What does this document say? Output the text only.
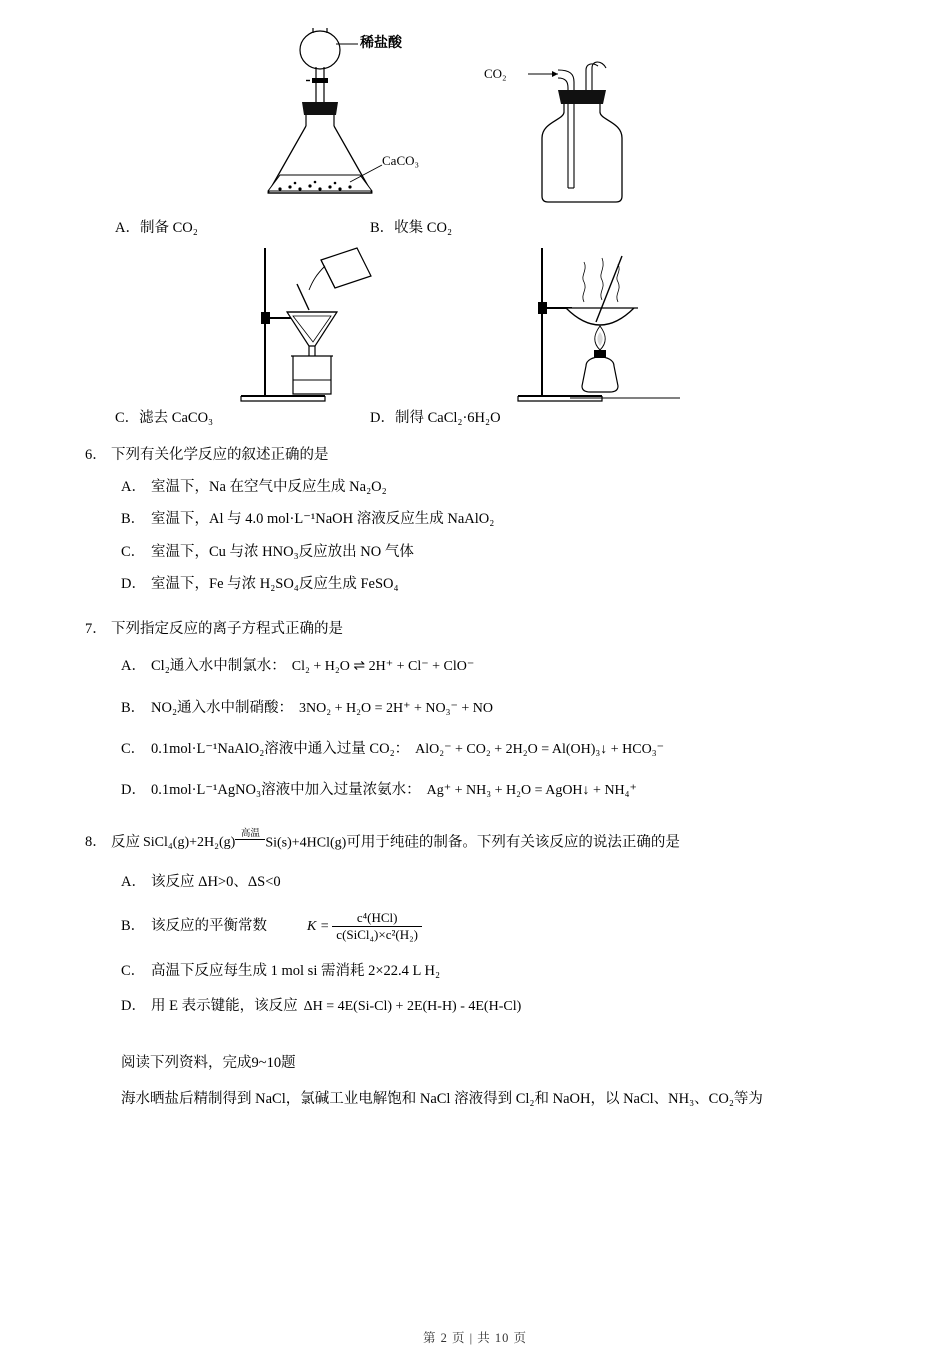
稀盐酸
CaCO₃
A．制备 CO₂
CO₂
B．收集 CO₂
C．滤去 CaCO₃	D．制得 CaCl₂·6H₂O
6． 下列有关化学反应的叙述正确的是
A． 室温下，Na 在空气中反应生成 Na₂O₂
B． 室温下，Al 与 4.0 mol·L⁻¹NaOH 溶液反应生成 NaAlO₂
C． 室温下，Cu 与浓 HNO₃反应放出 NO 气体
D． 室温下，Fe 与浓 H₂SO₄反应生成 FeSO₄
7． 下列指定反应的离子方程式正确的是
A． Cl₂通入水中制氯水： Cl₂ + H₂O ⇌ 2H⁺ + Cl⁻ + ClO⁻
B． NO₂通入水中制硝酸： 3NO₂ + H₂O = 2H⁺ + NO₃⁻ + NO
C． 0.1mol·L⁻¹NaAlO₂溶液中通入过量 CO₂： AlO₂⁻ + CO₂ + 2H₂O = Al(OH)₃↓ + HCO₃⁻
D． 0.1mol·L⁻¹AgNO₃溶液中加入过量浓氨水： Ag⁺ + NH₃ + H₂O = AgOH↓ + NH₄⁺
8． 反应 SiCl₄(g)+2H₂(g)
高温

Si(s)+4HCl(g)可用于纯硅的制备。下列有关该反应的说法正确的是
A． 该反应 ΔH>0、ΔS<0
B． 该反应的平衡常数	$K = \frac{\text{c⁴(HCl)}}{\text{c(SiCl₄)×c²(H₂)}}$
C． 高温下反应每生成 1 mol si 需消耗 2×22.4 L H₂
D． 用 E 表示键能，该反应 ΔH = 4E(Si‑Cl) + 2E(H‑H) ‑ 4E(H‑Cl)

阅读下列资料，完成9~10题

海水晒盐后精制得到 NaCl，氯碱工业电解饱和 NaCl 溶液得到 Cl₂和 NaOH，以 NaCl、NH₃、CO₂等为

第 2 页 | 共 10 页
